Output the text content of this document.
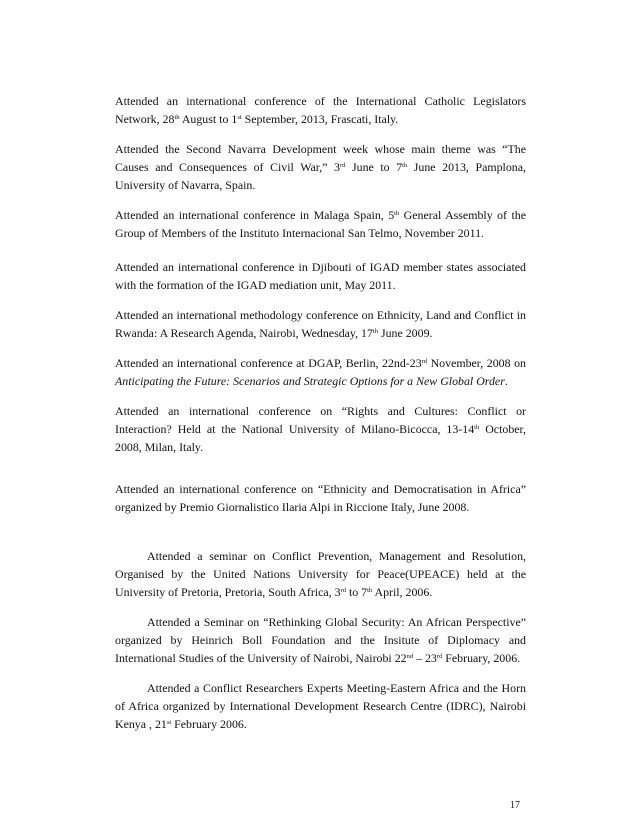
Attended an international conference of the International Catholic Legislators Network, 28th August to 1st September, 2013, Frascati, Italy.

Attended the Second Navarra Development week whose main theme was “The Causes and Consequences of Civil War,” 3rd June to 7th June 2013, Pamplona, University of Navarra, Spain.

Attended an international conference in Malaga Spain, 5th General Assembly of the Group of Members of the Instituto Internacional San Telmo, November 2011.

Attended an international conference in Djibouti of IGAD member states associated with the formation of the IGAD mediation unit, May 2011.

Attended an international methodology conference on Ethnicity, Land and Conflict in Rwanda: A Research Agenda, Nairobi, Wednesday, 17th June 2009.

Attended an international conference at DGAP, Berlin, 22nd-23rd November, 2008 on Anticipating the Future: Scenarios and Strategic Options for a New Global Order.

Attended an international conference on “Rights and Cultures: Conflict or Interaction? Held at the National University of Milano-Bicocca, 13-14th October, 2008, Milan, Italy.

Attended an international conference on “Ethnicity and Democratisation in Africa” organized by Premio Giornalistico Ilaria Alpi in Riccione Italy, June 2008.

Attended a seminar on Conflict Prevention, Management and Resolution, Organised by the United Nations University for Peace(UPEACE) held at the University of Pretoria, Pretoria, South Africa, 3rd to 7th April, 2006.

Attended a Seminar on “Rethinking Global Security: An African Perspective” organized by Heinrich Boll Foundation and the Insitute of Diplomacy and International Studies of the University of Nairobi, Nairobi 22nd – 23rd February, 2006.

Attended a Conflict Researchers Experts Meeting-Eastern Africa and the Horn of Africa organized by International Development Research Centre (IDRC), Nairobi Kenya , 21st February 2006.

17
